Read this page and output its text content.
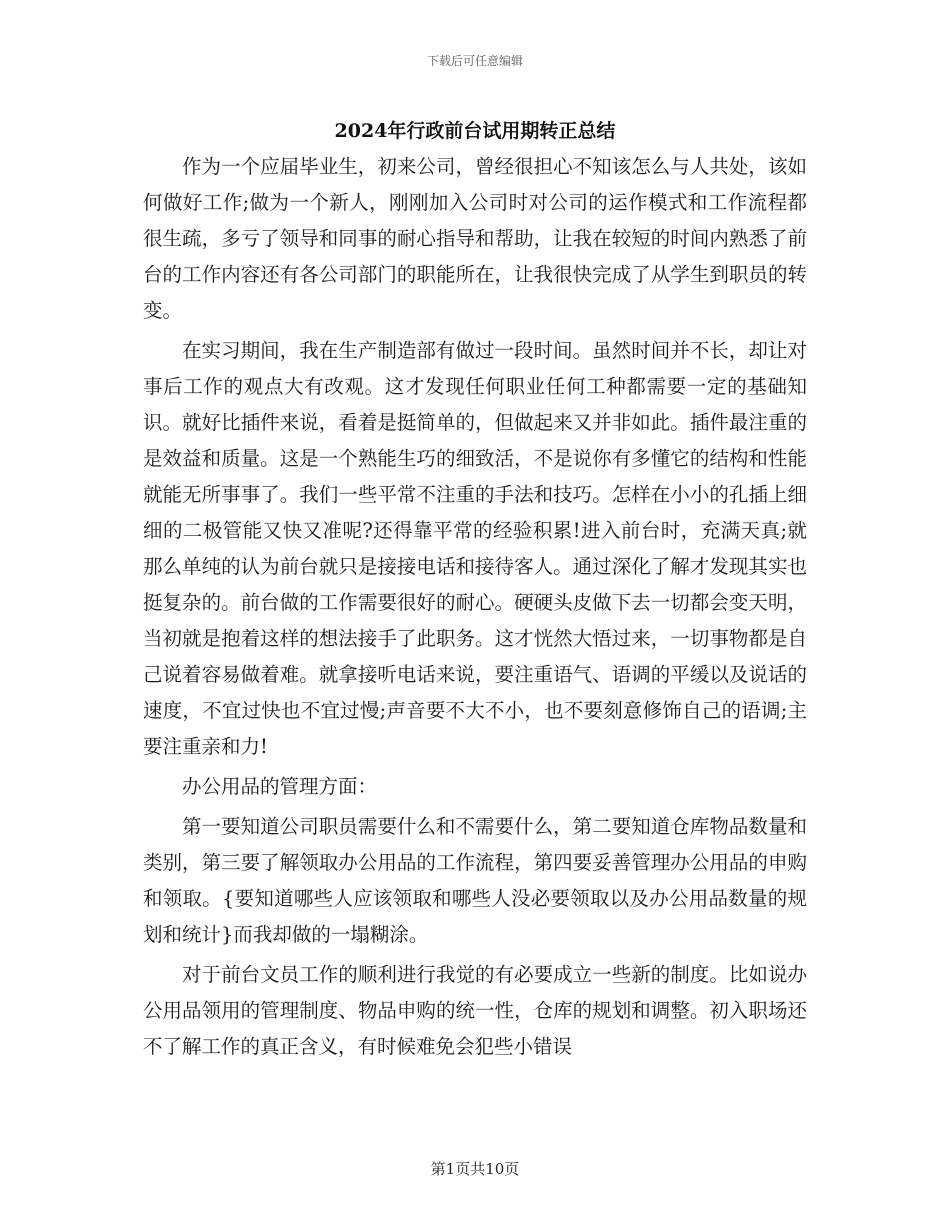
下载后可任意编辑
2024年行政前台试用期转正总结

作为一个应届毕业生，初来公司，曾经很担心不知该怎么与人共处，该如何做好工作;做为一个新人，刚刚加入公司时对公司的运作模式和工作流程都很生疏，多亏了领导和同事的耐心指导和帮助，让我在较短的时间内熟悉了前台的工作内容还有各公司部门的职能所在，让我很快完成了从学生到职员的转变。

在实习期间，我在生产制造部有做过一段时间。虽然时间并不长，却让对事后工作的观点大有改观。这才发现任何职业任何工种都需要一定的基础知识。就好比插件来说，看着是挺简单的，但做起来又并非如此。插件最注重的是效益和质量。这是一个熟能生巧的细致活，不是说你有多懂它的结构和性能就能无所事事了。我们一些平常不注重的手法和技巧。怎样在小小的孔插上细细的二极管能又快又准呢?还得靠平常的经验积累!进入前台时，充满天真;就那么单纯的认为前台就只是接接电话和接待客人。通过深化了解才发现其实也挺复杂的。前台做的工作需要很好的耐心。硬硬头皮做下去一切都会变天明，当初就是抱着这样的想法接手了此职务。这才恍然大悟过来，一切事物都是自己说着容易做着难。就拿接听电话来说，要注重语气、语调的平缓以及说话的速度，不宜过快也不宜过慢;声音要不大不小，也不要刻意修饰自己的语调;主要注重亲和力!

办公用品的管理方面：

第一要知道公司职员需要什么和不需要什么，第二要知道仓库物品数量和类别，第三要了解领取办公用品的工作流程，第四要妥善管理办公用品的申购和领取。{要知道哪些人应该领取和哪些人没必要领取以及办公用品数量的规划和统计}而我却做的一塌糊涂。

对于前台文员工作的顺利进行我觉的有必要成立一些新的制度。比如说办公用品领用的管理制度、物品申购的统一性，仓库的规划和调整。初入职场还不了解工作的真正含义，有时候难免会犯些小错误

第1页共10页
